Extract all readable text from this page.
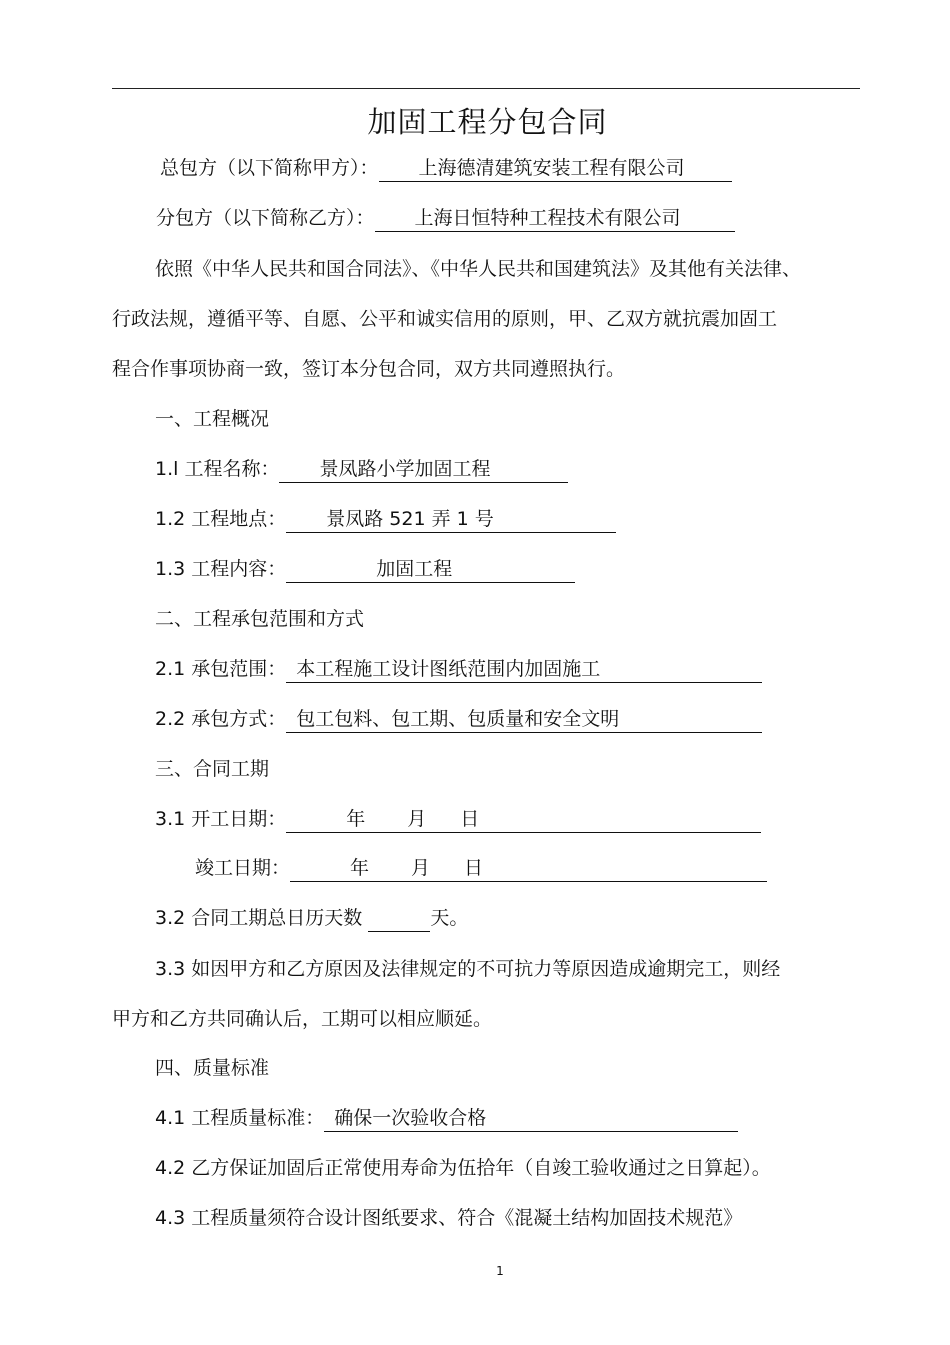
加固工程分包合同
总包方（以下简称甲方）： 上海德清建筑安装工程有限公司
分包方（以下简称乙方）： 上海日恒特种工程技术有限公司
依照《中华人民共和国合同法》、《中华人民共和国建筑法》及其他有关法律、
行政法规，遵循平等、自愿、公平和诚实信用的原则，甲、乙双方就抗震加固工
程合作事项协商一致，签订本分包合同，双方共同遵照执行。
一、工程概况
1.l 工程名称： 景凤路小学加固工程
1.2 工程地点： 景凤路 521 弄 1 号
1.3 工程内容：	加固工程
二、工程承包范围和方式
2.1 承包范围： 本工程施工设计图纸范围内加固施工
2.2 承包方式： 包工包料、包工期、包质量和安全文明
三、合同工期
3.1 开工日期：	年 月 日
竣工日期：	年 月 日
3.2 合同工期总日历天数	天。
3.3 如因甲方和乙方原因及法律规定的不可抗力等原因造成逾期完工，则经
甲方和乙方共同确认后，工期可以相应顺延。
四、质量标准
4.1 工程质量标准： 确保一次验收合格
4.2 乙方保证加固后正常使用寿命为伍拾年（自竣工验收通过之日算起）。
4.3 工程质量须符合设计图纸要求、符合《混凝土结构加固技术规范》
1
